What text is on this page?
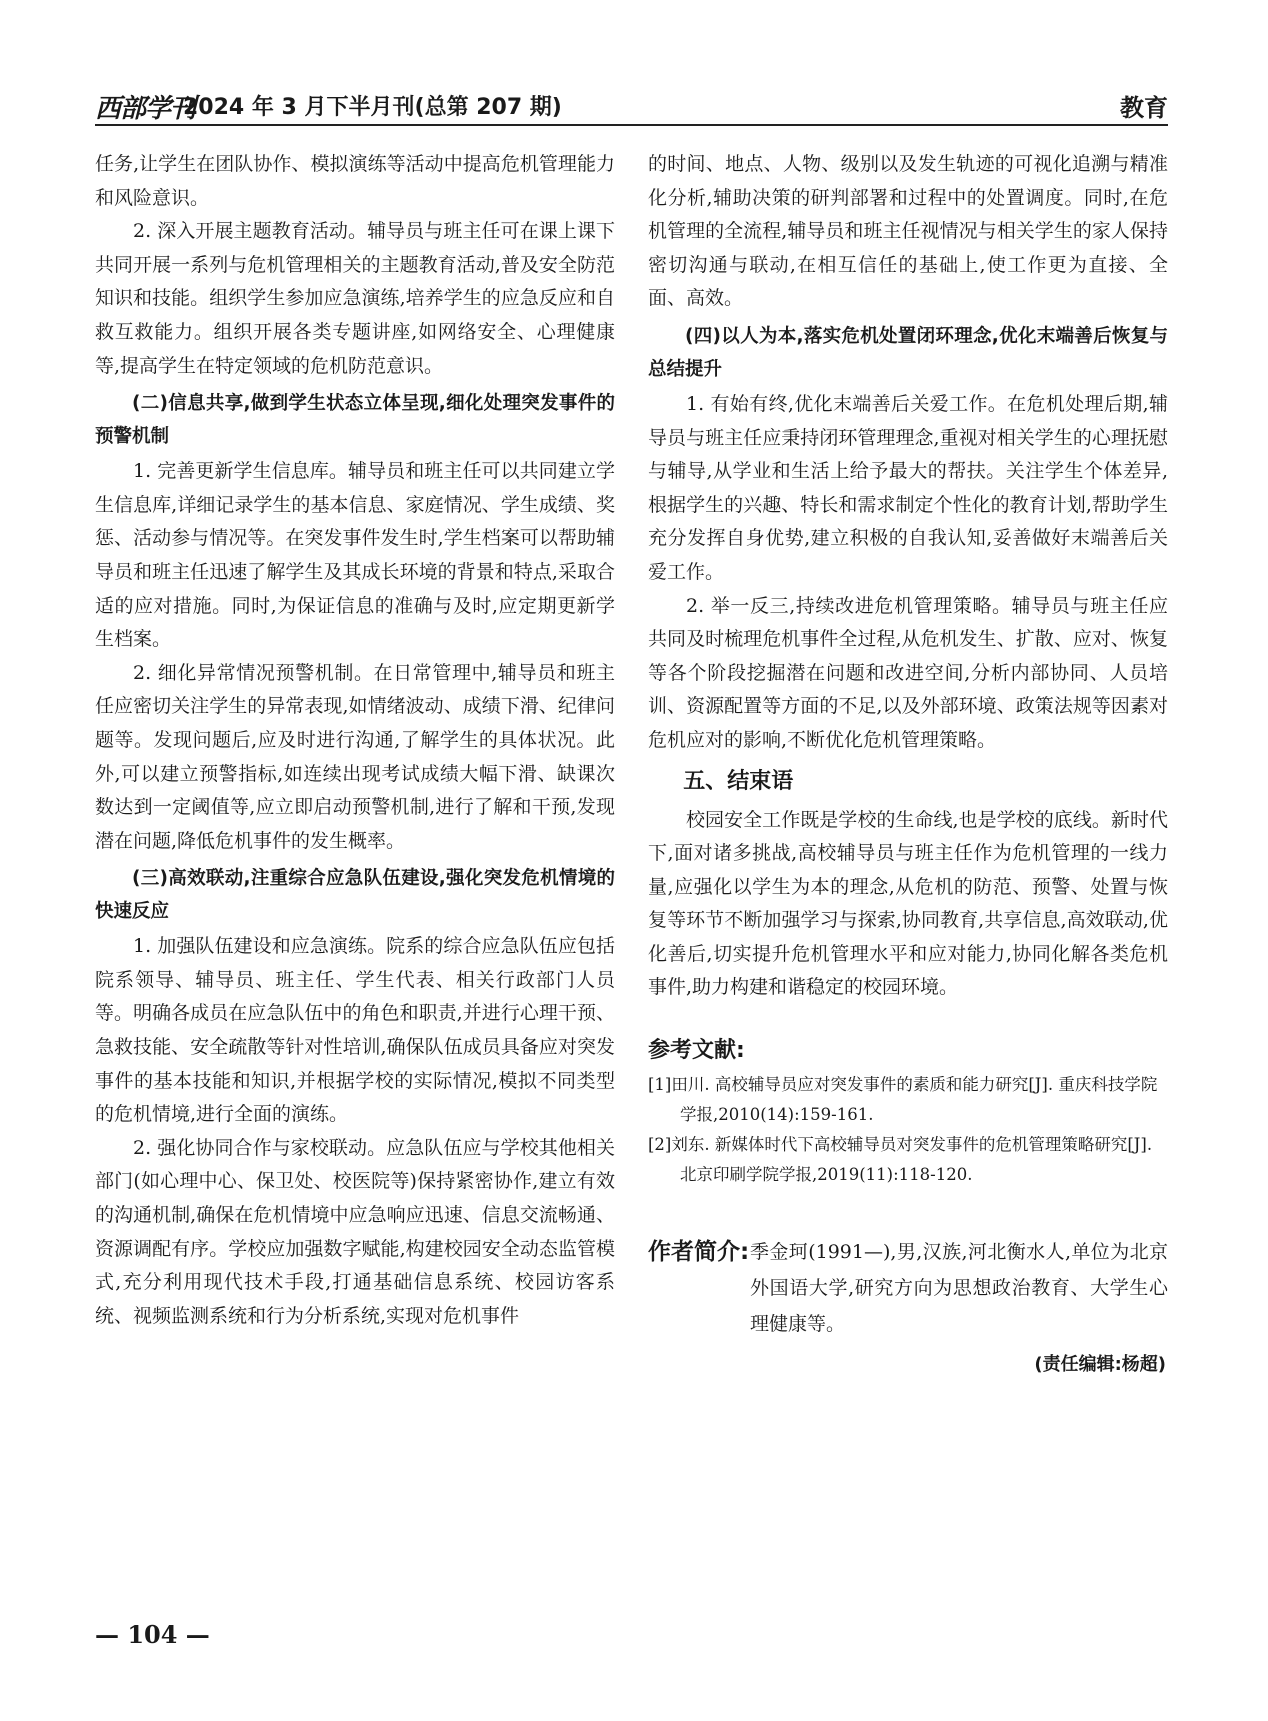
西部学刊
2024 年 3 月下半月刊(总第 207 期)	教育

任务,让学生在团队协作、模拟演练等活动中提高危机管理能力和风险意识。

2. 深入开展主题教育活动。辅导员与班主任可在课上课下共同开展一系列与危机管理相关的主题教育活动,普及安全防范知识和技能。组织学生参加应急演练,培养学生的应急反应和自救互救能力。组织开展各类专题讲座,如网络安全、心理健康等,提高学生在特定领域的危机防范意识。

(二)信息共享,做到学生状态立体呈现,细化处理突发事件的预警机制

1. 完善更新学生信息库。辅导员和班主任可以共同建立学生信息库,详细记录学生的基本信息、家庭情况、学生成绩、奖惩、活动参与情况等。在突发事件发生时,学生档案可以帮助辅导员和班主任迅速了解学生及其成长环境的背景和特点,采取合适的应对措施。同时,为保证信息的准确与及时,应定期更新学生档案。

2. 细化异常情况预警机制。在日常管理中,辅导员和班主任应密切关注学生的异常表现,如情绪波动、成绩下滑、纪律问题等。发现问题后,应及时进行沟通,了解学生的具体状况。此外,可以建立预警指标,如连续出现考试成绩大幅下滑、缺课次数达到一定阈值等,应立即启动预警机制,进行了解和干预,发现潜在问题,降低危机事件的发生概率。

(三)高效联动,注重综合应急队伍建设,强化突发危机情境的快速反应

1. 加强队伍建设和应急演练。院系的综合应急队伍应包括院系领导、辅导员、班主任、学生代表、相关行政部门人员等。明确各成员在应急队伍中的角色和职责,并进行心理干预、急救技能、安全疏散等针对性培训,确保队伍成员具备应对突发事件的基本技能和知识,并根据学校的实际情况,模拟不同类型的危机情境,进行全面的演练。

2. 强化协同合作与家校联动。应急队伍应与学校其他相关部门(如心理中心、保卫处、校医院等)保持紧密协作,建立有效的沟通机制,确保在危机情境中应急响应迅速、信息交流畅通、资源调配有序。学校应加强数字赋能,构建校园安全动态监管模式,充分利用现代技术手段,打通基础信息系统、校园访客系统、视频监测系统和行为分析系统,实现对危机事件

的时间、地点、人物、级别以及发生轨迹的可视化追溯与精准化分析,辅助决策的研判部署和过程中的处置调度。同时,在危机管理的全流程,辅导员和班主任视情况与相关学生的家人保持密切沟通与联动,在相互信任的基础上,使工作更为直接、全面、高效。

(四)以人为本,落实危机处置闭环理念,优化末端善后恢复与总结提升

1. 有始有终,优化末端善后关爱工作。在危机处理后期,辅导员与班主任应秉持闭环管理理念,重视对相关学生的心理抚慰与辅导,从学业和生活上给予最大的帮扶。关注学生个体差异,根据学生的兴趣、特长和需求制定个性化的教育计划,帮助学生充分发挥自身优势,建立积极的自我认知,妥善做好末端善后关爱工作。

2. 举一反三,持续改进危机管理策略。辅导员与班主任应共同及时梳理危机事件全过程,从危机发生、扩散、应对、恢复等各个阶段挖掘潜在问题和改进空间,分析内部协同、人员培训、资源配置等方面的不足,以及外部环境、政策法规等因素对危机应对的影响,不断优化危机管理策略。

五、结束语

校园安全工作既是学校的生命线,也是学校的底线。新时代下,面对诸多挑战,高校辅导员与班主任作为危机管理的一线力量,应强化以学生为本的理念,从危机的防范、预警、处置与恢复等环节不断加强学习与探索,协同教育,共享信息,高效联动,优化善后,切实提升危机管理水平和应对能力,协同化解各类危机事件,助力构建和谐稳定的校园环境。

参考文献:
[1]田川. 高校辅导员应对突发事件的素质和能力研究[J]. 重庆科技学院学报,2010(14):159-161.
[2]刘东. 新媒体时代下高校辅导员对突发事件的危机管理策略研究[J]. 北京印刷学院学报,2019(11):118-120.
作者简介: 季金珂(1991—),男,汉族,河北衡水人,单位为北京外国语大学,研究方向为思想政治教育、大学生心理健康等。
(责任编辑:杨超)
— 104 —
